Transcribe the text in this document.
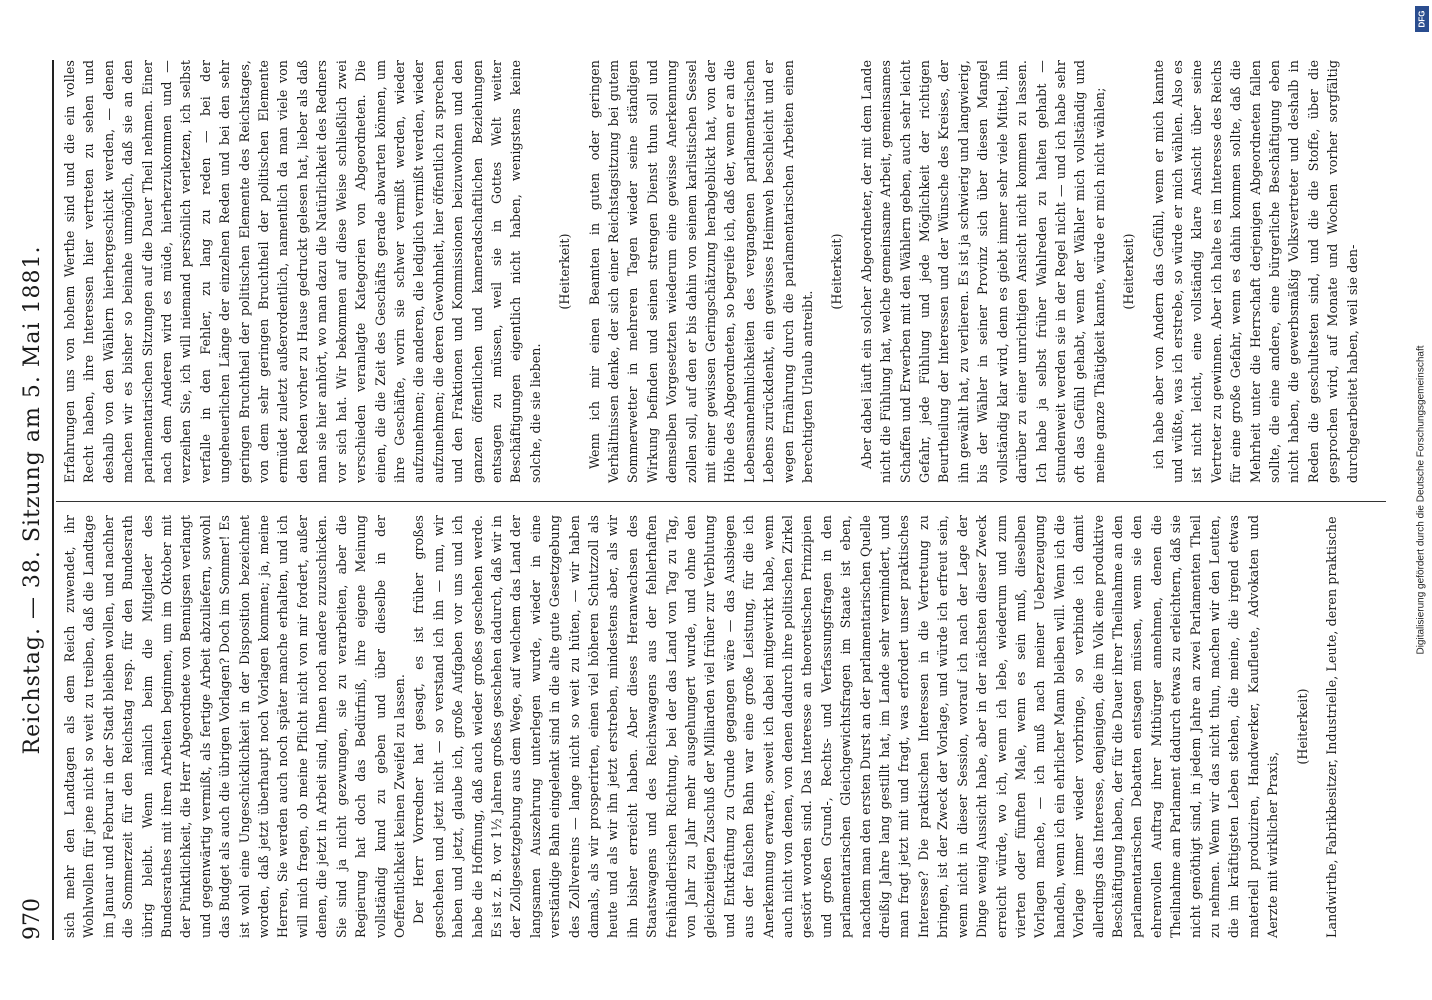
970
Reichstag. — 38. Sitzung am 5. Mai 1881. sich mehr den Landtagen als dem Reich zuwendet, ihr Wohlwollen für jene nicht so weit zu treiben, daß die Landtage im Januar und Februar in der Stadt bleiben wollen, und nachher die Sommerzeit für den Reichstag resp. für den Bundesrath übrig bleibt. Wenn nämlich beim die Mitglieder des Bundesrathes mit ihren Arbeiten beginnen, um im Oktober mit der Pünktlichkeit, die Herr Abgeordnete von Bennigsen verlangt und gegenwärtig vermißt, als fertige Arbeit abzuliefern, sowohl das Budget als auch die übrigen Vorlagen? Doch im Sommer! Es ist wohl eine Ungeschicklichkeit in der Disposition bezeichnet worden, daß jetzt überhaupt noch Vorlagen kommen; ja, meine Herren, Sie werden auch noch später manche erhalten, und ich will mich fragen, ob meine Pflicht nicht von mir fordert, außer denen, die jetzt in Arbeit sind, Ihnen noch andere zuzuschicken. Sie sind ja nicht gezwungen, sie zu verarbeiten, aber die Regierung hat doch das Bedürfniß, ihre eigene Meinung vollständig kund zu geben und über dieselbe in der Oeffentlichkeit keinen Zweifel zu lassen. Der Herr Vorredner hat gesagt, es ist früher großes geschehen und jetzt nicht — so verstand ich ihn — nun, wir haben und jetzt, glaube ich, große Aufgaben vor uns und ich habe die Hoffnung, daß auch wieder großes geschehen werde. Es ist z. B. vor 1½ Jahren großes geschehen dadurch, daß wir in der Zollgesetzgebung aus dem Wege, auf welchem das Land der langsamen Auszehrung unterlegen wurde, wieder in eine verständige Bahn eingelenkt sind in die alte gute Gesetzgebung des Zollvereins — lange nicht so weit zu hüten, — wir haben damals, als wir prosperirten, einen viel höheren Schutzzoll als heute und als wir ihn jetzt erstreben, mindestens aber, als wir ihn bisher erreicht haben. Aber dieses Heranwachsen des Staatswagens und des Reichswagens aus der fehlerhaften freihändlerischen Richtung, bei der das Land von Tag zu Tag, von Jahr zu Jahr mehr ausgehungert wurde, und ohne den gleichzeitigen Zuschuß der Milliarden viel früher zur Verblutung und Entkräftung zu Grunde gegangen wäre — das Ausbiegen aus der falschen Bahn war eine große Leistung, für die ich Anerkennung erwarte, soweit ich dabei mitgewirkt habe, wenn auch nicht von denen, von denen dadurch ihre politischen Zirkel gestört worden sind. Das Interesse an theoretischen Prinzipien und großen Grund-, Rechts- und Verfassungsfragen in den parlamentarischen Gleichgewichtsfragen im Staate ist eben, nachdem man den ersten Durst an der parlamentarischen Quelle dreißig Jahre lang gestillt hat, im Lande sehr vermindert, und man fragt jetzt mit und fragt, was erfordert unser praktisches Interesse? Die praktischen Interessen in die Vertretung zu bringen, ist der Zweck der Vorlage, und würde ich erfreut sein, wenn nicht in dieser Session, worauf ich nach der Lage der Dinge wenig Aussicht habe, aber in der nächsten dieser Zweck erreicht würde, wo ich, wenn ich lebe, wiederum und zum vierten oder fünften Male, wenn es sein muß, dieselben Vorlagen mache, — ich muß nach meiner Ueberzeugung handeln, wenn ich ein ehrlicher Mann bleiben will. Wenn ich die Vorlage immer wieder vorbringe, so verbinde ich damit allerdings das Interesse, denjenigen, die im Volk eine produktive Beschäftigung haben, der für die Dauer ihrer Theilnahme an den parlamentarischen Debatten entsagen müssen, wenn sie den ehrenvollen Auftrag ihrer Mitbürger annehmen, denen die Theilnahme am Parlament dadurch etwas zu erleichtern, daß sie nicht genöthigt sind, in jedem Jahre an zwei Parlamenten Theil zu nehmen. Wenn wir das nicht thun, machen wir den Leuten, die im kräftigsten Leben stehen, die meine, die irgend etwas materiell produziren, Handwerker, Kaufleute, Advokaten und Aerzte mit wirklicher Praxis,

(Heiterkeit) Landwirthe, Fabrikbesitzer, Industrielle, Leute, deren praktische

Erfahrungen uns von hohem Werthe sind und die ein volles Recht haben, ihre Interessen hier vertreten zu sehen und deshalb von den Wählern hierhergeschickt werden, — denen machen wir es bisher so beinahe unmöglich, daß sie an den parlamentarischen Sitzungen auf die Dauer Theil nehmen. Einer nach dem Anderen wird es müde, hierherzukommen und — verzeihen Sie, ich will niemand persönlich verletzen, ich selbst verfalle in den Fehler, zu lang zu reden — bei der ungeheuerlichen Länge der einzelnen Reden und bei den sehr geringen Bruchtheil der politischen Elemente des Reichstages, von dem sehr geringen Bruchtheil der politischen Elemente ermüdet zuletzt außerordentlich, namentlich da man viele von den Reden vorher zu Hause gedruckt gelesen hat, lieber als daß man sie hier anhört, wo man dazu die Natürlichkeit des Redners vor sich hat. Wir bekommen auf diese Weise schließlich zwei verschieden veranlagte Kategorien von Abgeordneten. Die einen, die die Zeit des Geschäfts gerade abwarten können, um ihre Geschäfte, worin sie schwer vermißt werden, wieder aufzunehmen; die anderen, die lediglich vermißt werden, wieder aufzunehmen; die deren Gewohnheit, hier öffentlich zu sprechen und den Fraktionen und Kommissionen beizuwohnen und den ganzen öffentlichen und kameradschaftlichen Beziehungen entsagen zu müssen, weil sie in Gottes Welt weiter Beschäftigungen eigentlich nicht haben, wenigstens keine solche, die sie lieben.

(Heiterkeit) Wenn ich mir einen Beamten in guten oder geringen Verhältnissen denke, der sich einer Reichstagsitzung bei gutem Sommerwetter in mehreren Tagen wieder seine ständigen Wirkung befinden und seinen strengen Dienst thun soll und demselben Vorgesetzten wiederum eine gewisse Anerkennung zollen soll, auf den er bis dahin von seinem karlistischen Sessel mit einer gewissen Geringschätzung herabgeblickt hat, von der Höhe des Abgeordneten, so begreife ich, daß der, wenn er an die Lebensannehmlichkeiten des vergangenen parlamentarischen Lebens zurückdenkt, ein gewisses Heimweh beschleicht und er wegen Ernährung durch die parlamentarischen Arbeiten einen berechtigten Urlaub antreibt.

(Heiterkeit) Aber dabei läuft ein solcher Abgeordneter, der mit dem Lande nicht die Fühlung hat, welche gemeinsame Arbeit, gemeinsames Schaffen und Erwerben mit den Wählern geben, auch sehr leicht Gefahr, jede Fühlung und jede Möglichkeit der richtigen Beurtheilung der Interessen und der Wünsche des Kreises, der ihn gewählt hat, zu verlieren. Es ist ja schwierig und langwierig, bis der Wähler in seiner Provinz sich über diesen Mangel vollständig klar wird, denn es giebt immer sehr viele Mittel, ihn darüber zu einer unrichtigen Ansicht nicht kommen zu lassen. Ich habe ja selbst früher Wahlreden zu halten gehabt — stundenweit werden sie in der Regel nicht — und ich habe sehr oft das Gefühl gehabt, wenn der Wähler mich vollständig und meine ganze Thätigkeit kannte, würde er mich nicht wählen; (Heiterkeit) ich habe aber von Andern das Gefühl, wenn er mich kannte und wüßte, was ich erstrebe, so würde er mich wählen. Also es ist nicht leicht, eine vollständig klare Ansicht über seine Vertreter zu gewinnen. Aber ich halte es im Interesse des Reichs für eine große Gefahr, wenn es dahin kommen sollte, daß die Mehrheit unter die Herrschaft derjenigen Abgeordneten fallen sollte, die eine andere, eine bürgerliche Beschäftigung eben nicht haben, die gewerbsmäßig Volksvertreter und deshalb in Reden die geschultesten sind, und die die Stoffe, über die gesprochen wird, auf Monate und Wochen vorher sorgfältig durchgearbeitet haben, weil sie den-

DFG
Digitalisierung gefördert durch die Deutsche Forschungsgemeinschaft
